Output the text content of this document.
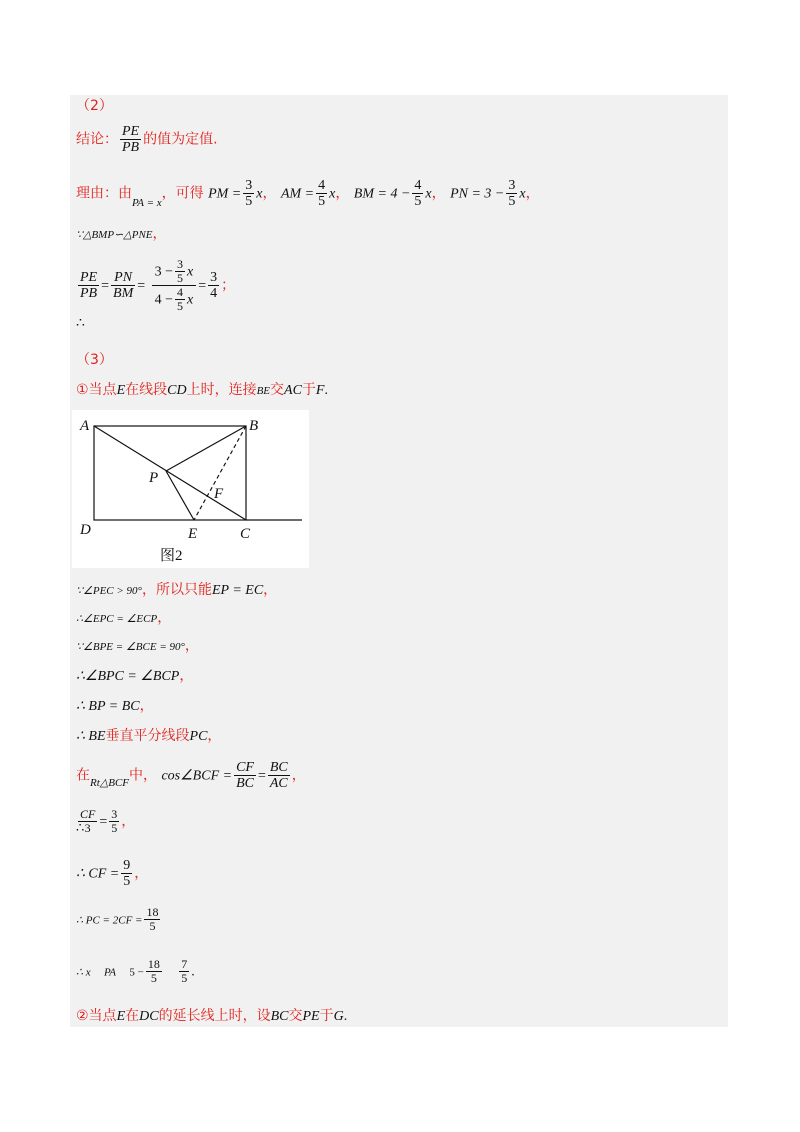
（2）
结论： $\frac{PE}{PB}$ 的值为定值.
理由：由$_{PA = x}$，可得 PM = $\frac{3}{5}$ x， AM = $\frac{4}{5}$ x， BM = $4 - \frac{4}{5}$ x， PN = $3 - \frac{3}{5}$ x，
∵△BMP∽△PNE，
$\frac{PE}{PB} = \frac{PN}{BM} = \frac{3 - \frac{3}{5} x}{4 - \frac{4}{5} x} = \frac{3}{4}$ ；
∴
（3）
①当点E在线段CD上时，连接BE交AC于F.
A	B
P
F
D	E	C
图2
∵∠PEC > 90°，所以只能EP = EC，
∴∠EPC = ∠ECP，
∵∠BPE = ∠BCE = 90°，
∴∠BPC = ∠BCP，
∴ BP = BC，
∴ BE垂直平分线段PC，
在$_{Rt\triangle BCF}$中， cos∠BCF = $\frac{CF}{BC} = \frac{BC}{AC}$ ，
$\frac{CF}{3} = \frac{3}{5}$ ，
∴
∴ CF = $\frac{9}{5}$ ，
∴ PC = $2CF = \frac{18}{5}$
∴ x PA $5 - \frac{18}{5}$
$\frac{7}{5}$ .
②当点E在DC的延长线上时，设BC交PE于G.
